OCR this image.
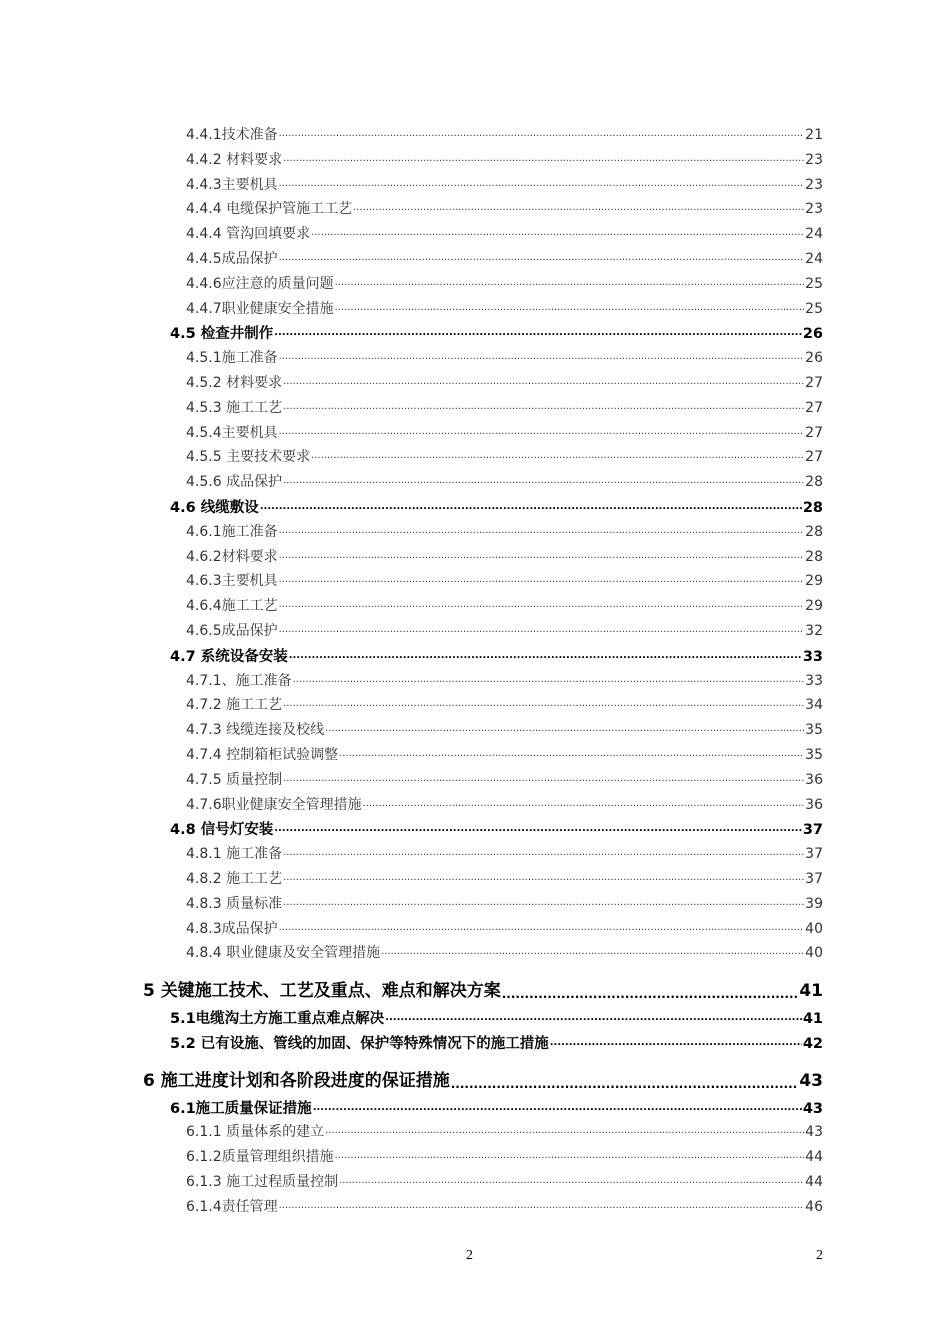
4.4.1技术准备 .....	21
4.4.2 材料要求 .....	23
4.4.3主要机具 .....	23
4.4.4 电缆保护管施工工艺 .....	23
4.4.4 管沟回填要求 .....	24
4.4.5成品保护 .....	24
4.4.6应注意的质量问题 .....	25
4.4.7职业健康安全措施 .....	25
4.5 检查井制作 .....	26
4.5.1施工准备 .....	26
4.5.2 材料要求 .....	27
4.5.3 施工工艺 .....	27
4.5.4主要机具 .....	27
4.5.5 主要技术要求 .....	27
4.5.6 成品保护 .....	28
4.6 线缆敷设 .....	28
4.6.1施工准备 .....	28
4.6.2材料要求 .....	28
4.6.3主要机具 .....	29
4.6.4施工工艺 .....	29
4.6.5成品保护 .....	32
4.7 系统设备安装 .....	33
4.7.1、施工准备 .....	33
4.7.2 施工工艺 .....	34
4.7.3 线缆连接及校线 .....	35
4.7.4 控制箱柜试验调整 .....	35
4.7.5 质量控制 .....	36
4.7.6职业健康安全管理措施 .....	36
4.8 信号灯安装 .....	37
4.8.1 施工准备 .....	37
4.8.2 施工工艺 .....	37
4.8.3 质量标准 .....	39
4.8.3成品保护 .....	40
4.8.4 职业健康及安全管理措施 .....	40
5 关键施工技术、工艺及重点、难点和解决方案 .....	41
5.1电缆沟土方施工重点难点解决 .....	41
5.2 已有设施、管线的加固、保护等特殊情况下的施工措施 .....	42
6 施工进度计划和各阶段进度的保证措施 .....	43
6.1施工质量保证措施 .....	43
6.1.1 质量体系的建立 .....	43
6.1.2质量管理组织措施 .....	44
6.1.3 施工过程质量控制 .....	44
6.1.4责任管理 .....	46
2	2
